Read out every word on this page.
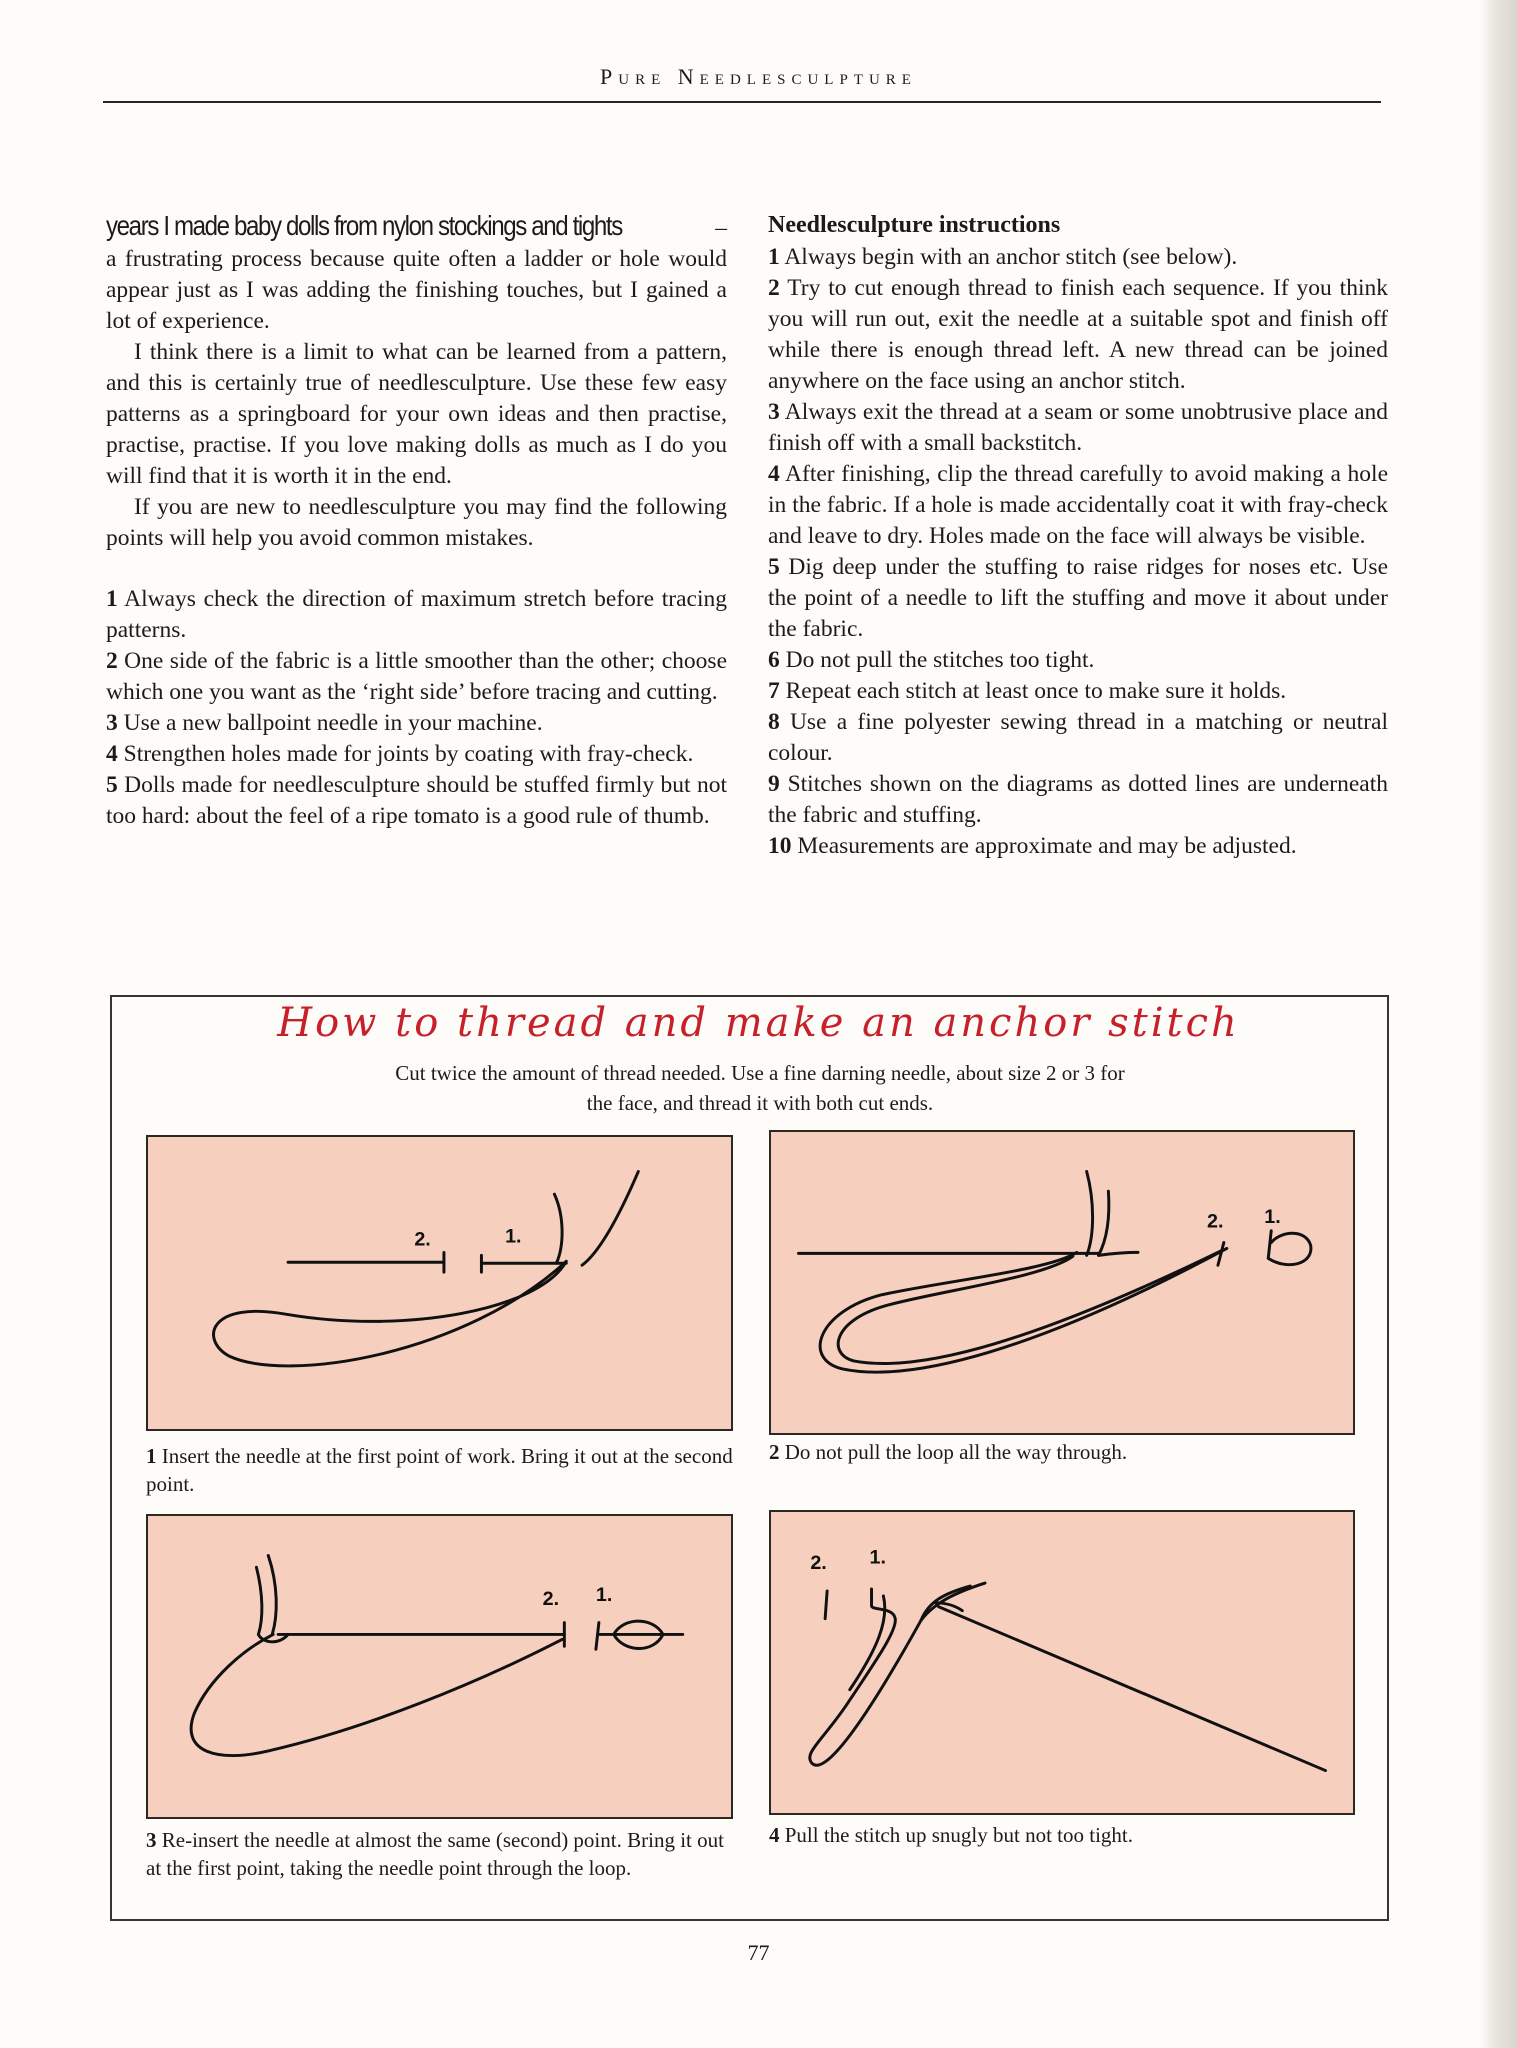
Pure Needlesculpture

years I made baby dolls from nylon stockings and tights	– a frustrating process because quite often a ladder or hole would appear just as I was adding the finishing touches, but I gained a lot of experience.

I think there is a limit to what can be learned from a pattern, and this is certainly true of needlesculpture. Use these few easy patterns as a springboard for your own ideas and then practise, practise, practise. If you love making dolls as much as I do you will find that it is worth it in the end.

If you are new to needlesculpture you may find the following points will help you avoid common mistakes.

1 Always check the direction of maximum stretch before tracing patterns.

2 One side of the fabric is a little smoother than the other; choose which one you want as the ‘right side’ before tracing and cutting.

3 Use a new ballpoint needle in your machine.

4 Strengthen holes made for joints by coating with fray-check.

5 Dolls made for needlesculpture should be stuffed firmly but not too hard: about the feel of a ripe tomato is a good rule of thumb.

Needlesculpture instructions

1 Always begin with an anchor stitch (see below).

2 Try to cut enough thread to finish each sequence. If you think you will run out, exit the needle at a suitable spot and finish off while there is enough thread left. A new thread can be joined anywhere on the face using an anchor stitch.

3 Always exit the thread at a seam or some unobtrusive place and finish off with a small backstitch.

4 After finishing, clip the thread carefully to avoid making a hole in the fabric. If a hole is made accidentally coat it with fray-check and leave to dry. Holes made on the face will always be visible.

5 Dig deep under the stuffing to raise ridges for noses etc. Use the point of a needle to lift the stuffing and move it about under the fabric.

6 Do not pull the stitches too tight.

7 Repeat each stitch at least once to make sure it holds.

8 Use a fine polyester sewing thread in a matching or neutral colour.

9 Stitches shown on the diagrams as dotted lines are underneath the fabric and stuffing.

10 Measurements are approximate and may be adjusted.

How to thread and make an anchor stitch
Cut twice the amount of thread needed. Use a fine darning needle, about size 2 or 3 for the face, and thread it with both cut ends.
2.	1.
1 Insert the needle at the first point of work. Bring it out at the second point.
2. 1.
2 Do not pull the loop all the way through.
2. 1.
3 Re-insert the needle at almost the same (second) point. Bring it out at the first point, taking the needle point through the loop.
2. 1.
4 Pull the stitch up snugly but not too tight.
77
